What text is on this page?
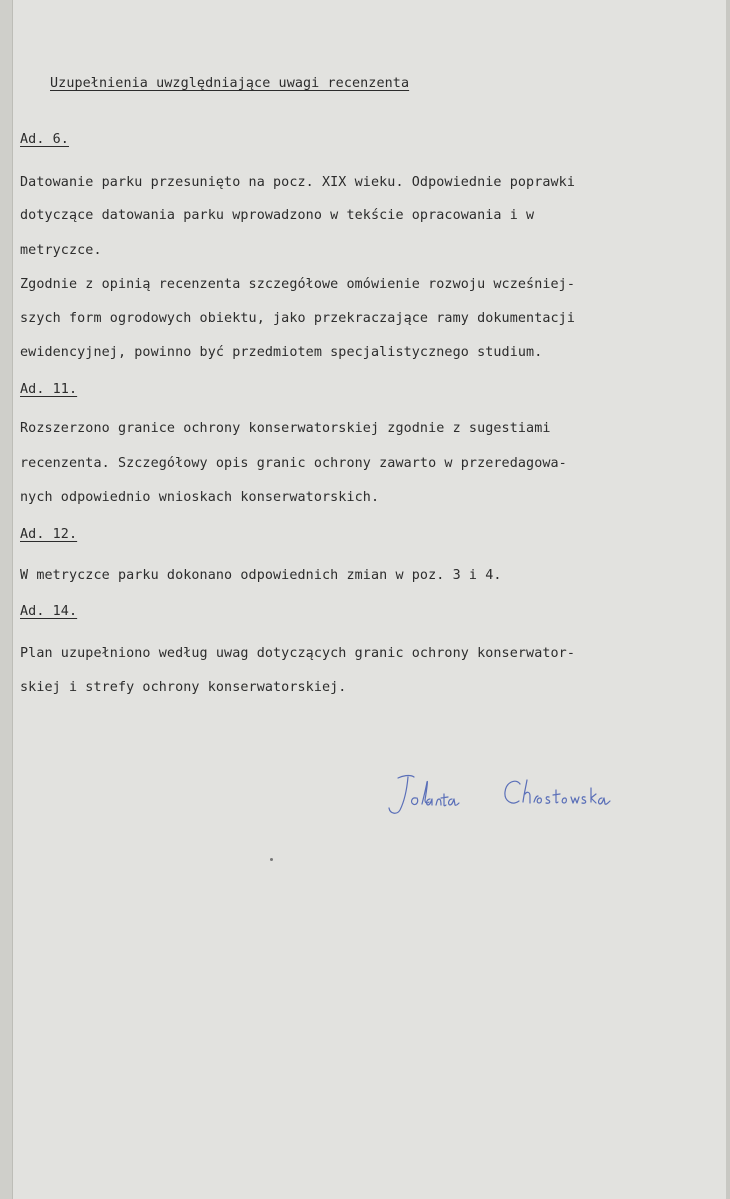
Uzupełnienia uwzględniające uwagi recenzenta
Ad. 6.
Datowanie parku przesunięto na pocz. XIX wieku. Odpowiednie poprawki
dotyczące datowania parku wprowadzono w tekście opracowania i w
metryczce.
Zgodnie z opinią recenzenta szczegółowe omówienie rozwoju wcześniej-
szych form ogrodowych obiektu, jako przekraczające ramy dokumentacji
ewidencyjnej, powinno być przedmiotem specjalistycznego studium.
Ad. 11.
Rozszerzono granice ochrony konserwatorskiej zgodnie z sugestiami
recenzenta. Szczegółowy opis granic ochrony zawarto w przeredagowa-
nych odpowiednio wnioskach konserwatorskich.
Ad. 12.
W metryczce parku dokonano odpowiednich zmian w poz. 3 i 4.
Ad. 14.
Plan uzupełniono według uwag dotyczących granic ochrony konserwator-
skiej i strefy ochrony konserwatorskiej.
